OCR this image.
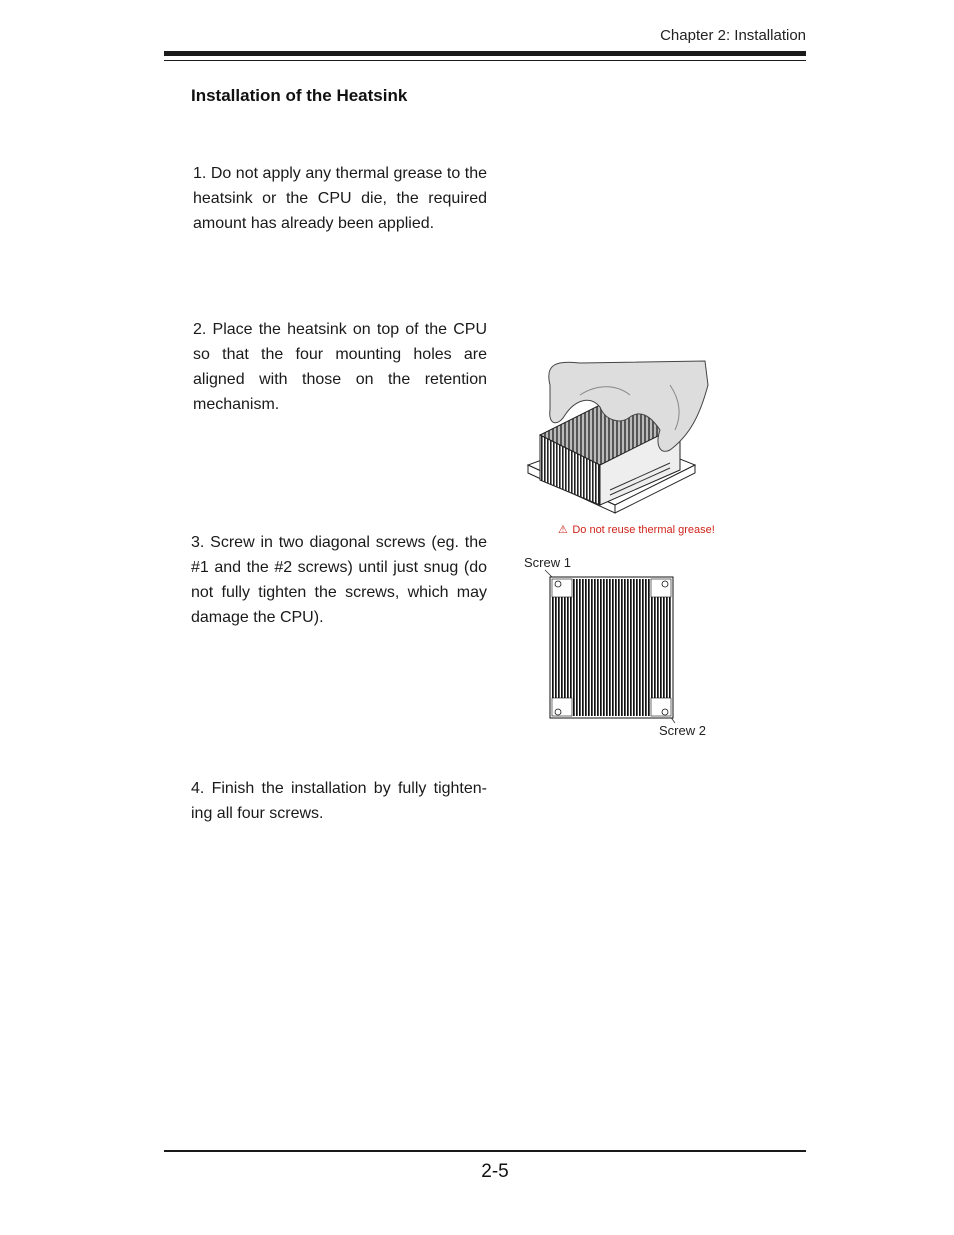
Chapter 2: Installation
Installation of the Heatsink
1. Do not apply any thermal grease to the heatsink or the CPU die, the required amount has already been applied.
2. Place the heatsink on top of the CPU so that the four mounting holes are aligned with those on the retention mechanism.
3. Screw in two diagonal screws (eg. the #1 and the #2 screws) until just snug (do not fully tighten the screws, which may damage the CPU).
4. Finish the installation by fully tighten-ing all four screws.
⚠ Do not reuse thermal grease!
Screw 1
Screw 2
2-5
